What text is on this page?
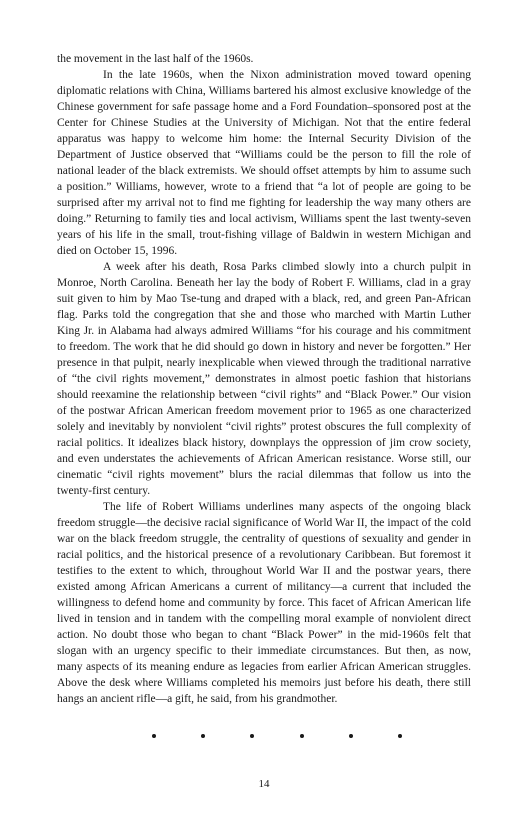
the movement in the last half of the 1960s.

In the late 1960s, when the Nixon administration moved toward opening diplomatic relations with China, Williams bartered his almost exclusive knowledge of the Chinese government for safe passage home and a Ford Foundation–sponsored post at the Center for Chinese Studies at the University of Michigan. Not that the entire federal apparatus was happy to welcome him home: the Internal Security Division of the Department of Justice observed that “Williams could be the person to fill the role of national leader of the black extremists. We should offset attempts by him to assume such a position.” Williams, however, wrote to a friend that “a lot of people are going to be surprised after my arrival not to find me fighting for leadership the way many others are doing.” Returning to family ties and local activism, Williams spent the last twenty-seven years of his life in the small, trout-fishing village of Baldwin in western Michigan and died on October 15, 1996.

A week after his death, Rosa Parks climbed slowly into a church pulpit in Monroe, North Carolina. Beneath her lay the body of Robert F. Williams, clad in a gray suit given to him by Mao Tse-tung and draped with a black, red, and green Pan-African flag. Parks told the congregation that she and those who marched with Martin Luther King Jr. in Alabama had always admired Williams “for his courage and his commitment to freedom. The work that he did should go down in history and never be forgotten.” Her presence in that pulpit, nearly inexplicable when viewed through the traditional narrative of “the civil rights movement,” demonstrates in almost poetic fashion that historians should reexamine the relationship between “civil rights” and “Black Power.” Our vision of the postwar African American freedom movement prior to 1965 as one characterized solely and inevitably by nonviolent “civil rights” protest obscures the full complexity of racial politics. It idealizes black history, downplays the oppression of jim crow society, and even understates the achievements of African American resistance. Worse still, our cinematic “civil rights movement” blurs the racial dilemmas that follow us into the twenty-first century.

The life of Robert Williams underlines many aspects of the ongoing black freedom struggle—the decisive racial significance of World War II, the impact of the cold war on the black freedom struggle, the centrality of questions of sexuality and gender in racial politics, and the historical presence of a revolutionary Caribbean. But foremost it testifies to the extent to which, throughout World War II and the postwar years, there existed among African Americans a current of militancy—a current that included the willingness to defend home and community by force. This facet of African American life lived in tension and in tandem with the compelling moral example of nonviolent direct action. No doubt those who began to chant “Black Power” in the mid-1960s felt that slogan with an urgency specific to their immediate circumstances. But then, as now, many aspects of its meaning endure as legacies from earlier African American struggles. Above the desk where Williams completed his memoirs just before his death, there still hangs an ancient rifle—a gift, he said, from his grandmother.

14
